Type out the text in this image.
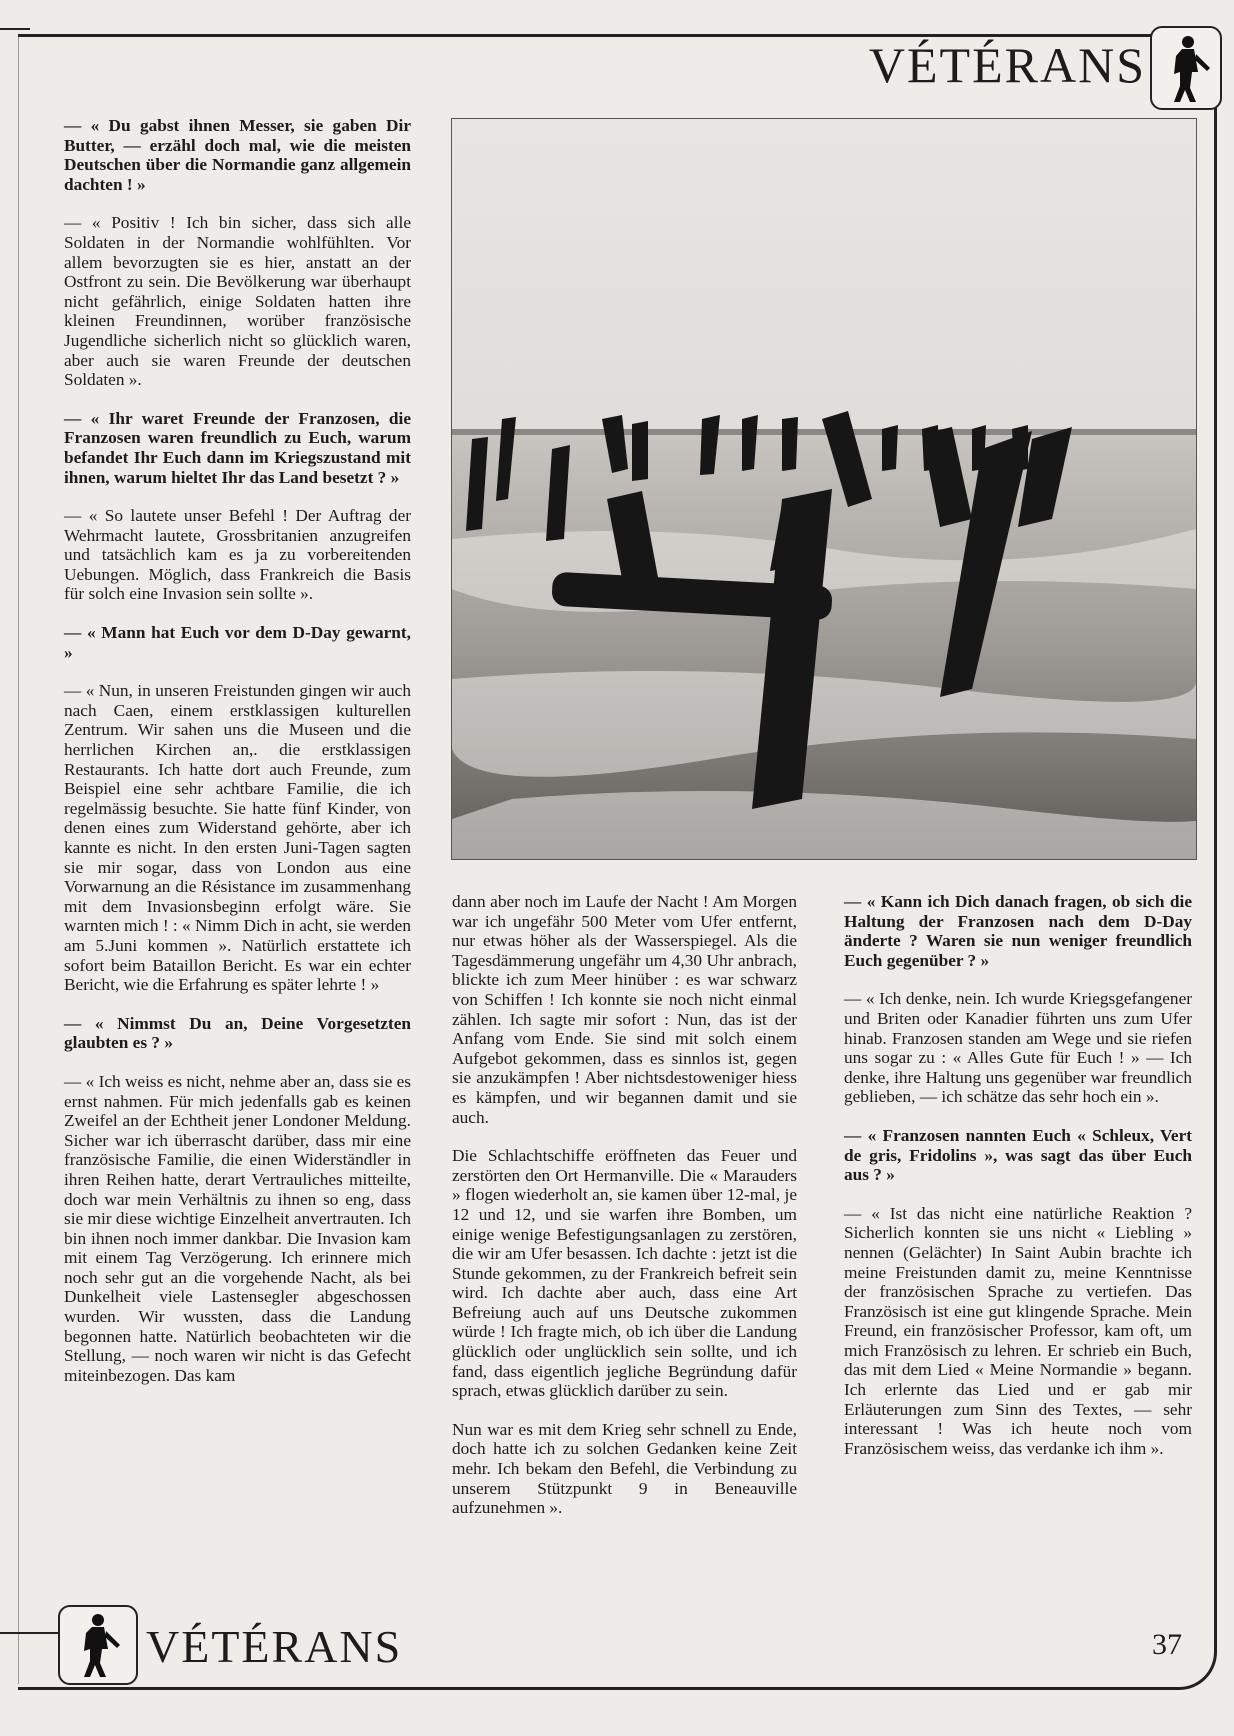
VÉTÉRANS

— « Du gabst ihnen Messer, sie gaben Dir Butter, — erzähl doch mal, wie die meisten Deutschen über die Normandie ganz allgemein dachten ! »

— « Positiv ! Ich bin sicher, dass sich alle Soldaten in der Normandie wohlfühlten. Vor allem bevorzugten sie es hier, anstatt an der Ostfront zu sein. Die Bevölkerung war überhaupt nicht gefährlich, einige Soldaten hatten ihre kleinen Freundinnen, worüber französische Jugendliche sicherlich nicht so glücklich waren, aber auch sie waren Freunde der deutschen Soldaten ».

— « Ihr waret Freunde der Franzosen, die Franzosen waren freundlich zu Euch, warum befandet Ihr Euch dann im Kriegszustand mit ihnen, warum hieltet Ihr das Land besetzt ? »

— « So lautete unser Befehl ! Der Auftrag der Wehrmacht lautete, Grossbritanien anzugreifen und tatsächlich kam es ja zu vorbereitenden Uebungen. Möglich, dass Frankreich die Basis für solch eine Invasion sein sollte ».

— « Mann hat Euch vor dem D-Day gewarnt, »

— « Nun, in unseren Freistunden gingen wir auch nach Caen, einem erstklassigen kulturellen Zentrum. Wir sahen uns die Museen und die herrlichen Kirchen an,. die erstklassigen Restaurants. Ich hatte dort auch Freunde, zum Beispiel eine sehr achtbare Familie, die ich regelmässig besuchte. Sie hatte fünf Kinder, von denen eines zum Widerstand gehörte, aber ich kannte es nicht. In den ersten Juni-Tagen sagten sie mir sogar, dass von London aus eine Vorwarnung an die Résistance im zusammenhang mit dem Invasionsbeginn erfolgt wäre. Sie warnten mich ! : « Nimm Dich in acht, sie werden am 5.Juni kommen ». Natürlich erstattete ich sofort beim Bataillon Bericht. Es war ein echter Bericht, wie die Erfahrung es später lehrte ! »

— « Nimmst Du an, Deine Vorgesetzten glaubten es ? »

— « Ich weiss es nicht, nehme aber an, dass sie es ernst nahmen. Für mich jedenfalls gab es keinen Zweifel an der Echtheit jener Londoner Meldung. Sicher war ich überrascht darüber, dass mir eine französische Familie, die einen Widerständler in ihren Reihen hatte, derart Vertrauliches mitteilte, doch war mein Verhältnis zu ihnen so eng, dass sie mir diese wichtige Einzelheit anvertrauten. Ich bin ihnen noch immer dankbar. Die Invasion kam mit einem Tag Verzögerung. Ich erinnere mich noch sehr gut an die vorgehende Nacht, als bei Dunkelheit viele Lastensegler abgeschossen wurden. Wir wussten, dass die Landung begonnen hatte. Natürlich beobachteten wir die Stellung, — noch waren wir nicht is das Gefecht miteinbezogen. Das kam

dann aber noch im Laufe der Nacht ! Am Morgen war ich ungefähr 500 Meter vom Ufer entfernt, nur etwas höher als der Wasserspiegel. Als die Tagesdämmerung ungefähr um 4,30 Uhr anbrach, blickte ich zum Meer hinüber : es war schwarz von Schiffen ! Ich konnte sie noch nicht einmal zählen. Ich sagte mir sofort : Nun, das ist der Anfang vom Ende. Sie sind mit solch einem Aufgebot gekommen, dass es sinnlos ist, gegen sie anzukämpfen ! Aber nichtsdestoweniger hiess es kämpfen, und wir begannen damit und sie auch.

Die Schlachtschiffe eröffneten das Feuer und zerstörten den Ort Hermanville. Die « Marauders » flogen wiederholt an, sie kamen über 12-mal, je 12 und 12, und sie warfen ihre Bomben, um einige wenige Befestigungsanlagen zu zerstören, die wir am Ufer besassen. Ich dachte : jetzt ist die Stunde gekommen, zu der Frankreich befreit sein wird. Ich dachte aber auch, dass eine Art Befreiung auch auf uns Deutsche zukommen würde ! Ich fragte mich, ob ich über die Landung glücklich oder unglücklich sein sollte, und ich fand, dass eigentlich jegliche Begründung dafür sprach, etwas glücklich darüber zu sein.

Nun war es mit dem Krieg sehr schnell zu Ende, doch hatte ich zu solchen Gedanken keine Zeit mehr. Ich bekam den Befehl, die Verbindung zu unserem Stützpunkt 9 in Beneauville aufzunehmen ».

— « Kann ich Dich danach fragen, ob sich die Haltung der Franzosen nach dem D-Day änderte ? Waren sie nun weniger freundlich Euch gegenüber ? »

— « Ich denke, nein. Ich wurde Kriegsgefangener und Briten oder Kanadier führten uns zum Ufer hinab. Franzosen standen am Wege und sie riefen uns sogar zu : « Alles Gute für Euch ! » — Ich denke, ihre Haltung uns gegenüber war freundlich geblieben, — ich schätze das sehr hoch ein ».

— « Franzosen nannten Euch « Schleux, Vert de gris, Fridolins », was sagt das über Euch aus ? »

— « Ist das nicht eine natürliche Reaktion ? Sicherlich konnten sie uns nicht « Liebling » nennen (Gelächter) In Saint Aubin brachte ich meine Freistunden damit zu, meine Kenntnisse der französischen Sprache zu vertiefen. Das Französisch ist eine gut klingende Sprache. Mein Freund, ein französischer Professor, kam oft, um mich Französisch zu lehren. Er schrieb ein Buch, das mit dem Lied « Meine Normandie » begann. Ich erlernte das Lied und er gab mir Erläuterungen zum Sinn des Textes, — sehr interessant ! Was ich heute noch vom Französischem weiss, das verdanke ich ihm ».

VÉTÉRANS	37
